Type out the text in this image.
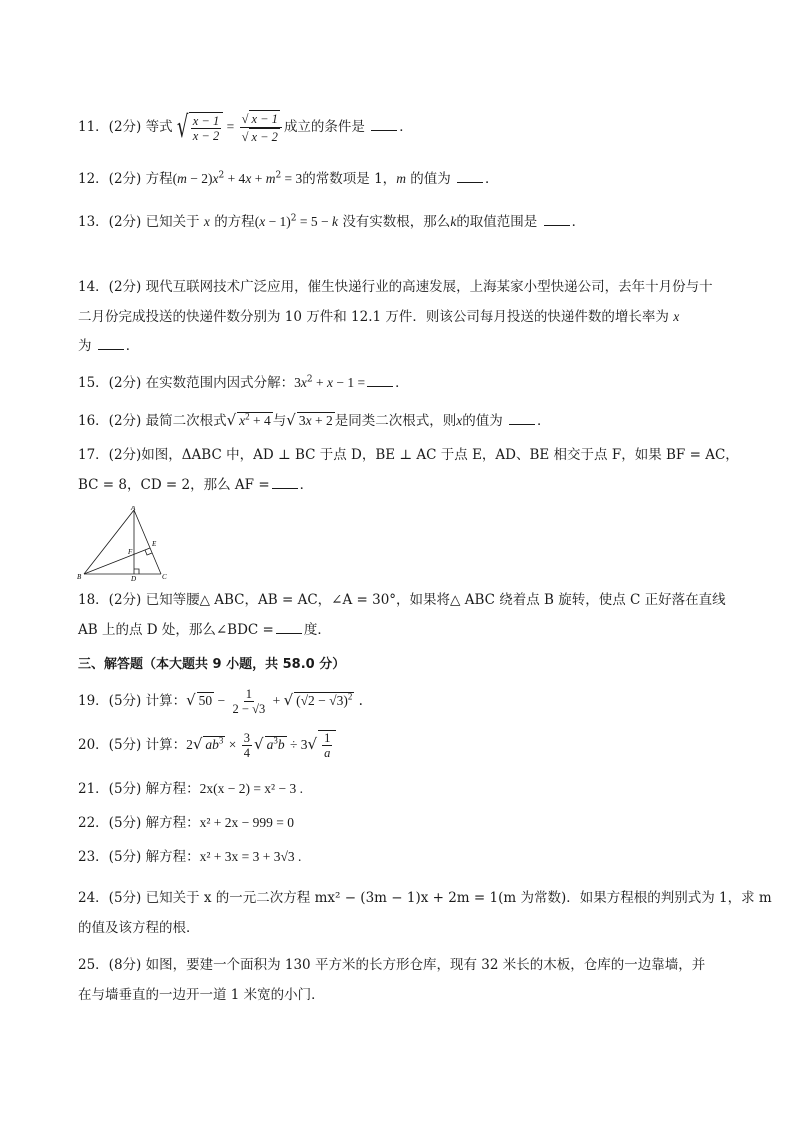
11．(2分) 等式 √ $\frac{x - 1}{x - 2} = \frac{√ x - 1}{√ x - 2}$ 成立的条件是	．
12．(2分) 方程$(m - 2)x^2 + 4x + m^2 = 3$的常数项是 1，m 的值为	．
13．(2分) 已知关于 x 的方程$(x - 1)^2 = 5 - k$ 没有实数根，那么k的取值范围是	．
14．(2分) 现代互联网技术广泛应用，催生快递行业的高速发展，上海某家小型快递公司，去年十月份与十二月份完成投送的快递件数分别为 10 万件和 12.1 万件．则该公司每月投送的快递件数的增长率为 x
为	．
15．(2分) 在实数范围内因式分解：$3x^2 + x - 1$ = ．
16．(2分) 最简二次根式√ $x^2 + 4$ 与√ 3x + 2 是同类二次根式，则x的值为	．
17．(2分)如图，ΔABC 中，AD ⊥ BC 于点 D，BE ⊥ AC 于点 E，AD、BE 相交于点 F，如果 BF = AC，
BC = 8，CD = 2，那么 AF = ．
A
B	C
D
E
F
18．(2分) 已知等腰△ ABC，AB = AC，∠A = 30°，如果将△ ABC 绕着点 B 旋转，使点 C 正好落在直线
AB 上的点 D 处，那么∠BDC = 度．
三、解答题（本大题共 9 小题，共 58.0 分）
19．(5分) 计算：√ $50 - \frac{1}{2 - √3}$ + √ $(√2 - √3)^2$ .
20．(5分) 计算：2√ $ab^3 \times \frac{3}{4}$ √ $a^3b \div 3√ \frac{1}{a}$
21．(5分) 解方程：2x(x − 2) = x² − 3 .
22．(5分) 解方程：x² + 2x − 999 = 0
23．(5分) 解方程：x² + 3x = 3 + 3√3 .
24．(5分) 已知关于 x 的一元二次方程 mx² − (3m − 1)x + 2m = 1(m 为常数)．如果方程根的判别式为 1，求 m
的值及该方程的根．
25．(8分) 如图，要建一个面积为 130 平方米的长方形仓库，现有 32 米长的木板，仓库的一边靠墙，并
在与墙垂直的一边开一道 1 米宽的小门．
